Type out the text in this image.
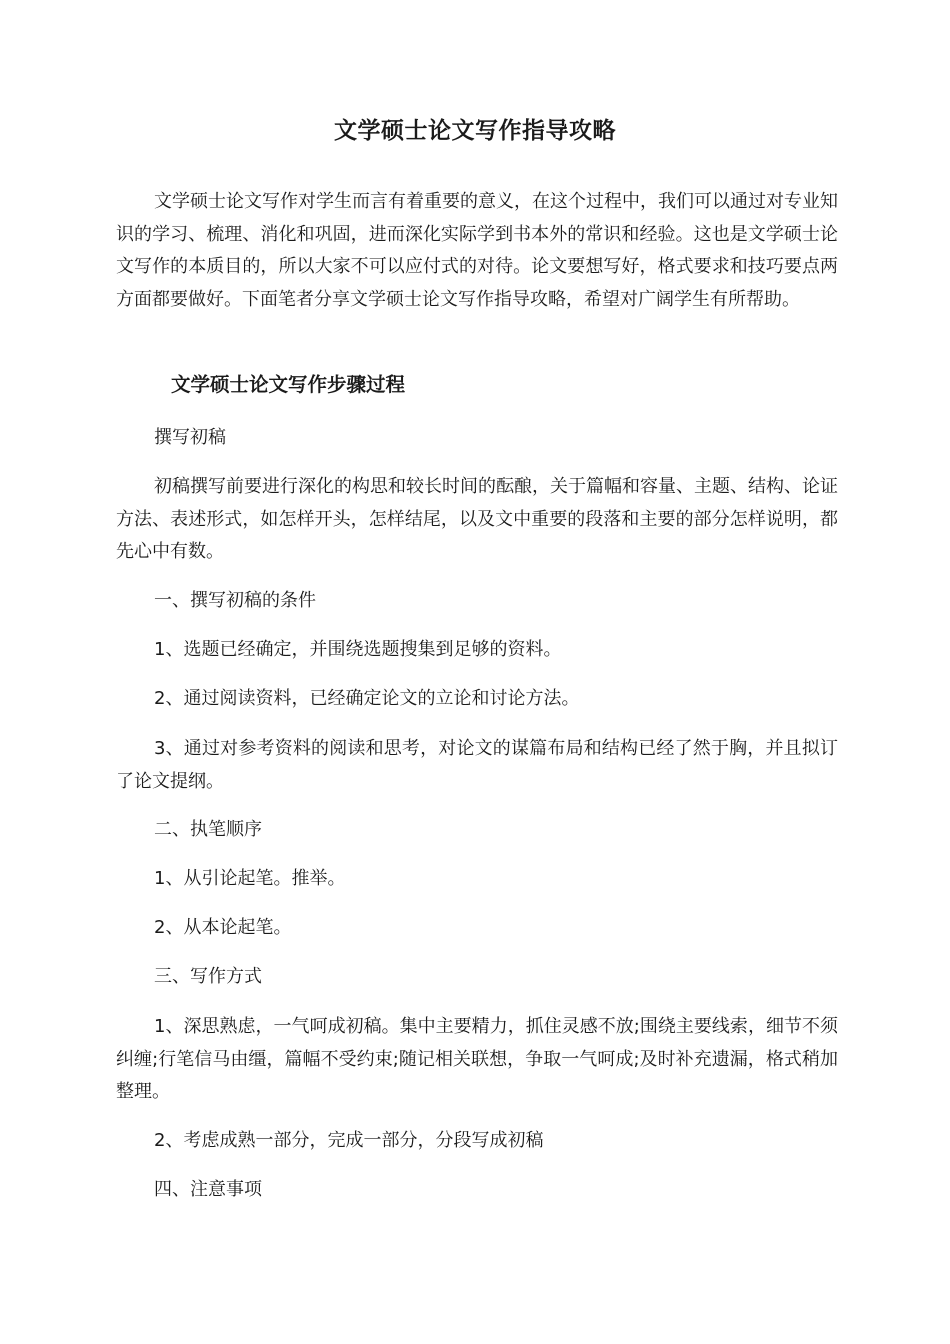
文学硕士论文写作指导攻略

文学硕士论文写作对学生而言有着重要的意义，在这个过程中，我们可以通过对专业知识的学习、梳理、消化和巩固，进而深化实际学到书本外的常识和经验。这也是文学硕士论文写作的本质目的，所以大家不可以应付式的对待。论文要想写好，格式要求和技巧要点两方面都要做好。下面笔者分享文学硕士论文写作指导攻略，希望对广阔学生有所帮助。

文学硕士论文写作步骤过程

撰写初稿

初稿撰写前要进行深化的构思和较长时间的酝酿，关于篇幅和容量、主题、结构、论证方法、表述形式，如怎样开头，怎样结尾，以及文中重要的段落和主要的部分怎样说明，都先心中有数。

一、撰写初稿的条件

1、选题已经确定，并围绕选题搜集到足够的资料。

2、通过阅读资料，已经确定论文的立论和讨论方法。

3、通过对参考资料的阅读和思考，对论文的谋篇布局和结构已经了然于胸，并且拟订了论文提纲。

二、执笔顺序

1、从引论起笔。推举。

2、从本论起笔。

三、写作方式

1、深思熟虑，一气呵成初稿。集中主要精力，抓住灵感不放;围绕主要线索，细节不须纠缠;行笔信马由缰，篇幅不受约束;随记相关联想，争取一气呵成;及时补充遗漏，格式稍加整理。

2、考虑成熟一部分，完成一部分，分段写成初稿

四、注意事项
